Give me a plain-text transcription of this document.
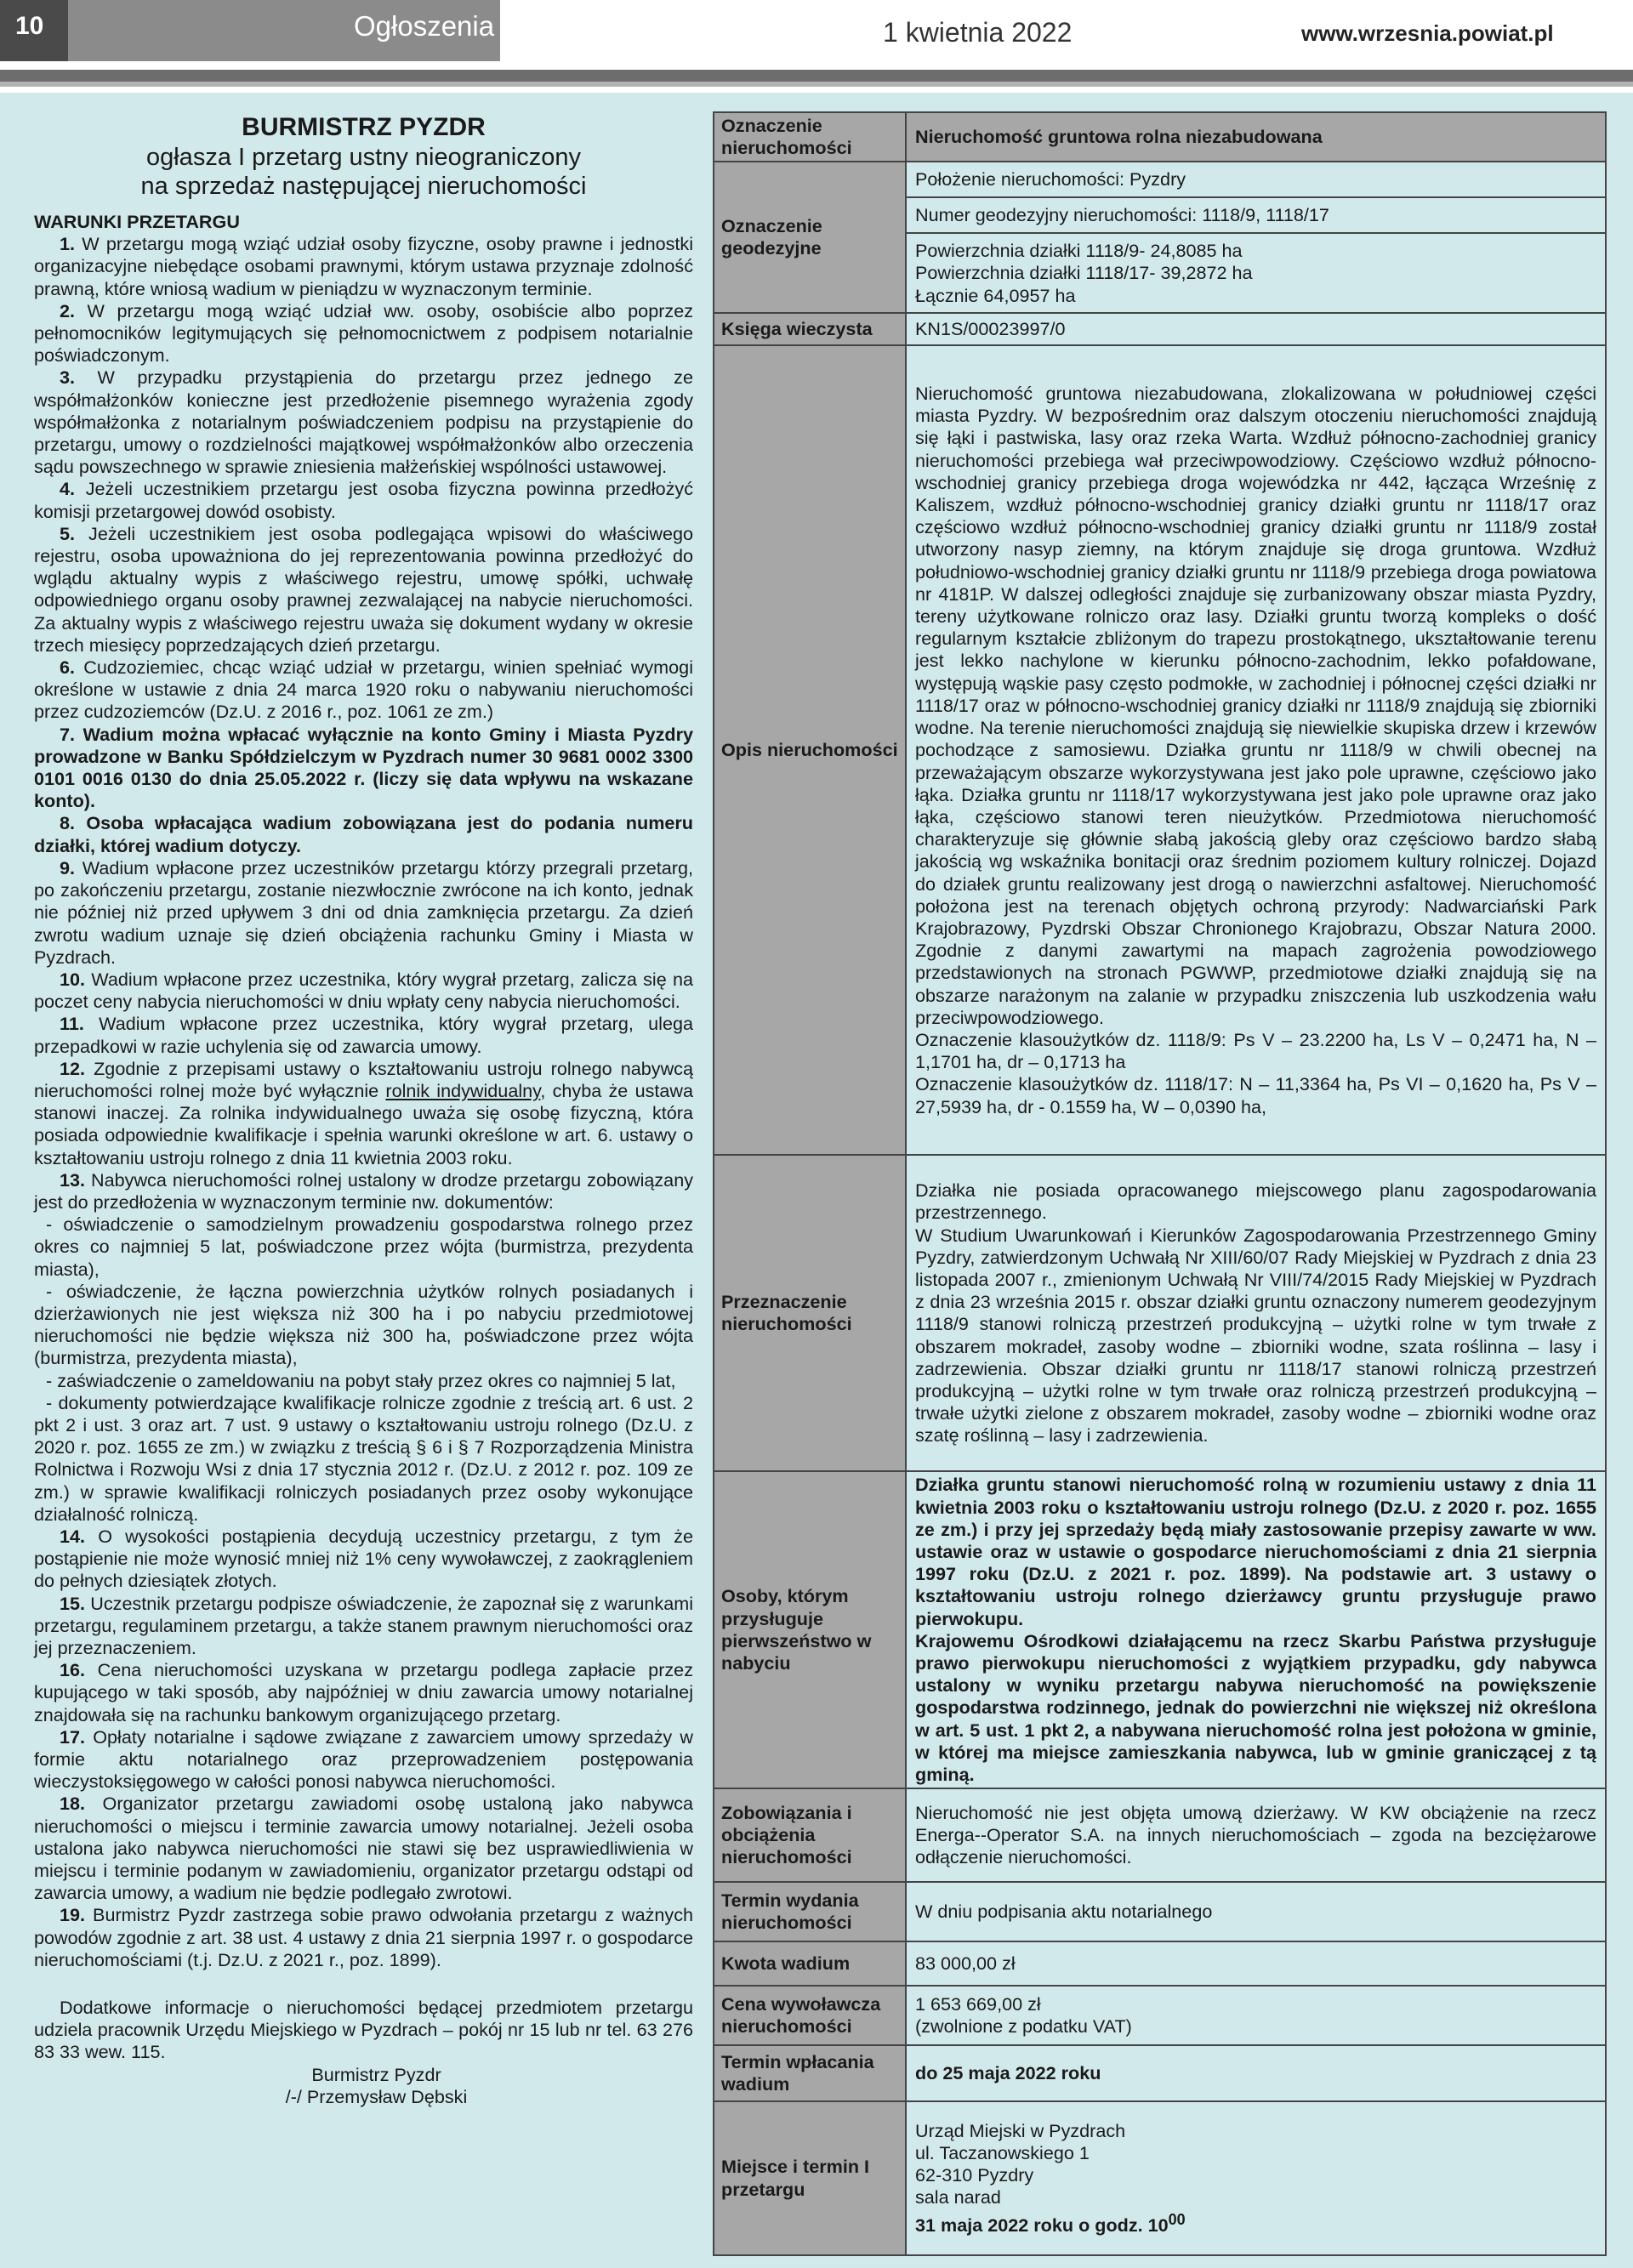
10	Ogłoszenia	1 kwietnia 2022	www.wrzesnia.powiat.pl
BURMISTRZ PYZDR
ogłasza I przetarg ustny nieograniczony
na sprzedaż następującej nieruchomości
WARUNKI PRZETARGU

1. W przetargu mogą wziąć udział osoby fizyczne, osoby prawne i jednostki organizacyjne niebędące osobami prawnymi, którym ustawa przyznaje zdolność prawną, które wniosą wadium w pieniądzu w wyznaczonym terminie.

2. W przetargu mogą wziąć udział ww. osoby, osobiście albo poprzez pełnomocników legitymujących się pełnomocnictwem z podpisem notarialnie poświadczonym.

3. W przypadku przystąpienia do przetargu przez jednego ze współmałżonków konieczne jest przedłożenie pisemnego wyrażenia zgody współmałżonka z notarialnym poświadczeniem podpisu na przystąpienie do przetargu, umowy o rozdzielności majątkowej współmałżonków albo orzeczenia sądu powszechnego w sprawie zniesienia małżeńskiej wspólności ustawowej.

4. Jeżeli uczestnikiem przetargu jest osoba fizyczna powinna przedłożyć komisji przetargowej dowód osobisty.

5. Jeżeli uczestnikiem jest osoba podlegająca wpisowi do właściwego rejestru, osoba upoważniona do jej reprezentowania powinna przedłożyć do wglądu aktualny wypis z właściwego rejestru, umowę spółki, uchwałę odpowiedniego organu osoby prawnej zezwalającej na nabycie nieruchomości. Za aktualny wypis z właściwego rejestru uważa się dokument wydany w okresie trzech miesięcy poprzedzających dzień przetargu.

6. Cudzoziemiec, chcąc wziąć udział w przetargu, winien spełniać wymogi określone w ustawie z dnia 24 marca 1920 roku o nabywaniu nieruchomości przez cudzoziemców (Dz.U. z 2016 r., poz. 1061 ze zm.)

7. Wadium można wpłacać wyłącznie na konto Gminy i Miasta Pyzdry prowadzone w Banku Spółdzielczym w Pyzdrach numer 30 9681 0002 3300 0101 0016 0130 do dnia 25.05.2022 r. (liczy się data wpływu na wskazane konto).

8. Osoba wpłacająca wadium zobowiązana jest do podania numeru działki, której wadium dotyczy.

9. Wadium wpłacone przez uczestników przetargu którzy przegrali przetarg, po zakończeniu przetargu, zostanie niezwłocznie zwrócone na ich konto, jednak nie później niż przed upływem 3 dni od dnia zamknięcia przetargu. Za dzień zwrotu wadium uznaje się dzień obciążenia rachunku Gminy i Miasta w Pyzdrach.

10. Wadium wpłacone przez uczestnika, który wygrał przetarg, zalicza się na poczet ceny nabycia nieruchomości w dniu wpłaty ceny nabycia nieruchomości.

11. Wadium wpłacone przez uczestnika, który wygrał przetarg, ulega przepadkowi w razie uchylenia się od zawarcia umowy.

12. Zgodnie z przepisami ustawy o kształtowaniu ustroju rolnego nabywcą nieruchomości rolnej może być wyłącznie rolnik indywidualny, chyba że ustawa stanowi inaczej. Za rolnika indywidualnego uważa się osobę fizyczną, która posiada odpowiednie kwalifikacje i spełnia warunki określone w art. 6. ustawy o kształtowaniu ustroju rolnego z dnia 11 kwietnia 2003 roku.

13. Nabywca nieruchomości rolnej ustalony w drodze przetargu zobowiązany jest do przedłożenia w wyznaczonym terminie nw. dokumentów:

- oświadczenie o samodzielnym prowadzeniu gospodarstwa rolnego przez okres co najmniej 5 lat, poświadczone przez wójta (burmistrza, prezydenta miasta),

- oświadczenie, że łączna powierzchnia użytków rolnych posiadanych i dzierżawionych nie jest większa niż 300 ha i po nabyciu przedmiotowej nieruchomości nie będzie większa niż 300 ha, poświadczone przez wójta (burmistrza, prezydenta miasta),

- zaświadczenie o zameldowaniu na pobyt stały przez okres co najmniej 5 lat,

- dokumenty potwierdzające kwalifikacje rolnicze zgodnie z treścią art. 6 ust. 2 pkt 2 i ust. 3 oraz art. 7 ust. 9 ustawy o kształtowaniu ustroju rolnego (Dz.U. z 2020 r. poz. 1655 ze zm.) w związku z treścią § 6 i § 7 Rozporządzenia Ministra Rolnictwa i Rozwoju Wsi z dnia 17 stycznia 2012 r. (Dz.U. z 2012 r. poz. 109 ze zm.) w sprawie kwalifikacji rolniczych posiadanych przez osoby wykonujące działalność rolniczą.

14. O wysokości postąpienia decydują uczestnicy przetargu, z tym że postąpienie nie może wynosić mniej niż 1% ceny wywoławczej, z zaokrągleniem do pełnych dziesiątek złotych.

15. Uczestnik przetargu podpisze oświadczenie, że zapoznał się z warunkami przetargu, regulaminem przetargu, a także stanem prawnym nieruchomości oraz jej przeznaczeniem.

16. Cena nieruchomości uzyskana w przetargu podlega zapłacie przez kupującego w taki sposób, aby najpóźniej w dniu zawarcia umowy notarialnej znajdowała się na rachunku bankowym organizującego przetarg.

17. Opłaty notarialne i sądowe związane z zawarciem umowy sprzedaży w formie aktu notarialnego oraz przeprowadzeniem postępowania wieczystoksięgowego w całości ponosi nabywca nieruchomości.

18. Organizator przetargu zawiadomi osobę ustaloną jako nabywca nieruchomości o miejscu i terminie zawarcia umowy notarialnej. Jeżeli osoba ustalona jako nabywca nieruchomości nie stawi się bez usprawiedliwienia w miejscu i terminie podanym w zawiadomieniu, organizator przetargu odstąpi od zawarcia umowy, a wadium nie będzie podlegało zwrotowi.

19. Burmistrz Pyzdr zastrzega sobie prawo odwołania przetargu z ważnych powodów zgodnie z art. 38 ust. 4 ustawy z dnia 21 sierpnia 1997 r. o gospodarce nieruchomościami (t.j. Dz.U. z 2021 r., poz. 1899).

Dodatkowe informacje o nieruchomości będącej przedmiotem przetargu udziela pracownik Urzędu Miejskiego w Pyzdrach – pokój nr 15 lub nr tel. 63 276 83 33 wew. 115.

Burmistrz Pyzdr

/-/ Przemysław Dębski

Oznaczenie nieruchomości	Nieruchomość gruntowa rolna niezabudowana
Oznaczenie geodezyjne	Położenie nieruchomości: Pyzdry
	Numer geodezyjny nieruchomości: 1118/9, 1118/17

	Powierzchnia działki 1118/9- 24,8085 ha
Powierzchnia działki 1118/17- 39,2872 ha
Łącznie 64,0957 ha

Księga wieczysta	KN1S/00023997/0
Opis nieruchomości	Nieruchomość gruntowa niezabudowana, zlokalizowana w południowej części miasta Pyzdry. W bezpośrednim oraz dalszym otoczeniu nieruchomości znajdują się łąki i pastwiska, lasy oraz rzeka Warta. Wzdłuż północno-zachodniej granicy nieruchomości przebiega wał przeciwpowodziowy. Częściowo wzdłuż północno-wschodniej granicy przebiega droga wojewódzka nr 442, łącząca Wrześnię z Kaliszem, wzdłuż północno-wschodniej granicy działki gruntu nr 1118/17 oraz częściowo wzdłuż północno-wschodniej granicy działki gruntu nr 1118/9 został utworzony nasyp ziemny, na którym znajduje się droga gruntowa. Wzdłuż południowo-wschodniej granicy działki gruntu nr 1118/9 przebiega droga powiatowa nr 4181P. W dalszej odległości znajduje się zurbanizowany obszar miasta Pyzdry, tereny użytkowane rolniczo oraz lasy. Działki gruntu tworzą kompleks o dość regularnym kształcie zbliżonym do trapezu prostokątnego, ukształtowanie terenu jest lekko nachylone w kierunku północno-zachodnim, lekko pofałdowane, występują wąskie pasy często podmokłe, w zachodniej i północnej części działki nr 1118/17 oraz w północno-wschodniej granicy działki nr 1118/9 znajdują się zbiorniki wodne. Na terenie nieruchomości znajdują się niewielkie skupiska drzew i krzewów pochodzące z samosiewu. Działka gruntu nr 1118/9 w chwili obecnej na przeważającym obszarze wykorzystywana jest jako pole uprawne, częściowo jako łąka. Działka gruntu nr 1118/17 wykorzystywana jest jako pole uprawne oraz jako łąka, częściowo stanowi teren nieużytków. Przedmiotowa nieruchomość charakteryzuje się głównie słabą jakością gleby oraz częściowo bardzo słabą jakością wg wskaźnika bonitacji oraz średnim poziomem kultury rolniczej. Dojazd do działek gruntu realizowany jest drogą o nawierzchni asfaltowej. Nieruchomość położona jest na terenach objętych ochroną przyrody: Nadwarciański Park Krajobrazowy, Pyzdrski Obszar Chronionego Krajobrazu, Obszar Natura 2000. Zgodnie z danymi zawartymi na mapach zagrożenia powodziowego przedstawionych na stronach PGWWP, przedmiotowe działki znajdują się na obszarze narażonym na zalanie w przypadku zniszczenia lub uszkodzenia wału przeciwpowodziowego.
Oznaczenie klasoużytków dz. 1118/9: Ps V – 23.2200 ha, Ls V – 0,2471 ha, N – 1,1701 ha, dr – 0,1713 ha
Oznaczenie klasoużytków dz. 1118/17: N – 11,3364 ha, Ps VI – 0,1620 ha, Ps V – 27,5939 ha, dr - 0.1559 ha, W – 0,0390 ha,

Przeznaczenie nieruchomości	Działka nie posiada opracowanego miejscowego planu zagospodarowania przestrzennego.
W Studium Uwarunkowań i Kierunków Zagospodarowania Przestrzennego Gminy Pyzdry, zatwierdzonym Uchwałą Nr XIII/60/07 Rady Miejskiej w Pyzdrach z dnia 23 listopada 2007 r., zmienionym Uchwałą Nr VIII/74/2015 Rady Miejskiej w Pyzdrach z dnia 23 września 2015 r. obszar działki gruntu oznaczony numerem geodezyjnym 1118/9 stanowi rolniczą przestrzeń produkcyjną – użytki rolne w tym trwałe z obszarem mokradeł, zasoby wodne – zbiorniki wodne, szata roślinna – lasy i zadrzewienia. Obszar działki gruntu nr 1118/17 stanowi rolniczą przestrzeń produkcyjną – użytki rolne w tym trwałe oraz rolniczą przestrzeń produkcyjną – trwałe użytki zielone z obszarem mokradeł, zasoby wodne – zbiorniki wodne oraz szatę roślinną – lasy i zadrzewienia.

Osoby, którym przysługuje pierwszeństwo w nabyciu	Działka gruntu stanowi nieruchomość rolną w rozumieniu ustawy z dnia 11 kwietnia 2003 roku o kształtowaniu ustroju rolnego (Dz.U. z 2020 r. poz. 1655 ze zm.) i przy jej sprzedaży będą miały zastosowanie przepisy zawarte w ww. ustawie oraz w ustawie o gospodarce nieruchomościami z dnia 21 sierpnia 1997 roku (Dz.U. z 2021 r. poz. 1899). Na podstawie art. 3 ustawy o kształtowaniu ustroju rolnego dzierżawcy gruntu przysługuje prawo pierwokupu.
Krajowemu Ośrodkowi działającemu na rzecz Skarbu Państwa przysługuje prawo pierwokupu nieruchomości z wyjątkiem przypadku, gdy nabywca ustalony w wyniku przetargu nabywa nieruchomość na powiększenie gospodarstwa rodzinnego, jednak do powierzchni nie większej niż określona w art. 5 ust. 1 pkt 2, a nabywana nieruchomość rolna jest położona w gminie, w której ma miejsce zamieszkania nabywca, lub w gminie graniczącej z tą gminą.

Zobowiązania i obciążenia nieruchomości	Nieruchomość nie jest objęta umową dzierżawy. W KW obciążenie na rzecz Energa--Operator S.A. na innych nieruchomościach – zgoda na bezciężarowe odłączenie nieruchomości.
Termin wydania nieruchomości	W dniu podpisania aktu notarialnego
Kwota wadium	83 000,00 zł
Cena wywoławcza nieruchomości	1 653 669,00 zł
(zwolnione z podatku VAT)

Termin wpłacania wadium	do 25 maja 2022 roku
Miejsce i termin I przetargu	Urząd Miejski w Pyzdrach
ul. Taczanowskiego 1
62-310 Pyzdry
sala narad
31 maja 2022 roku o godz. $10^{00}$
